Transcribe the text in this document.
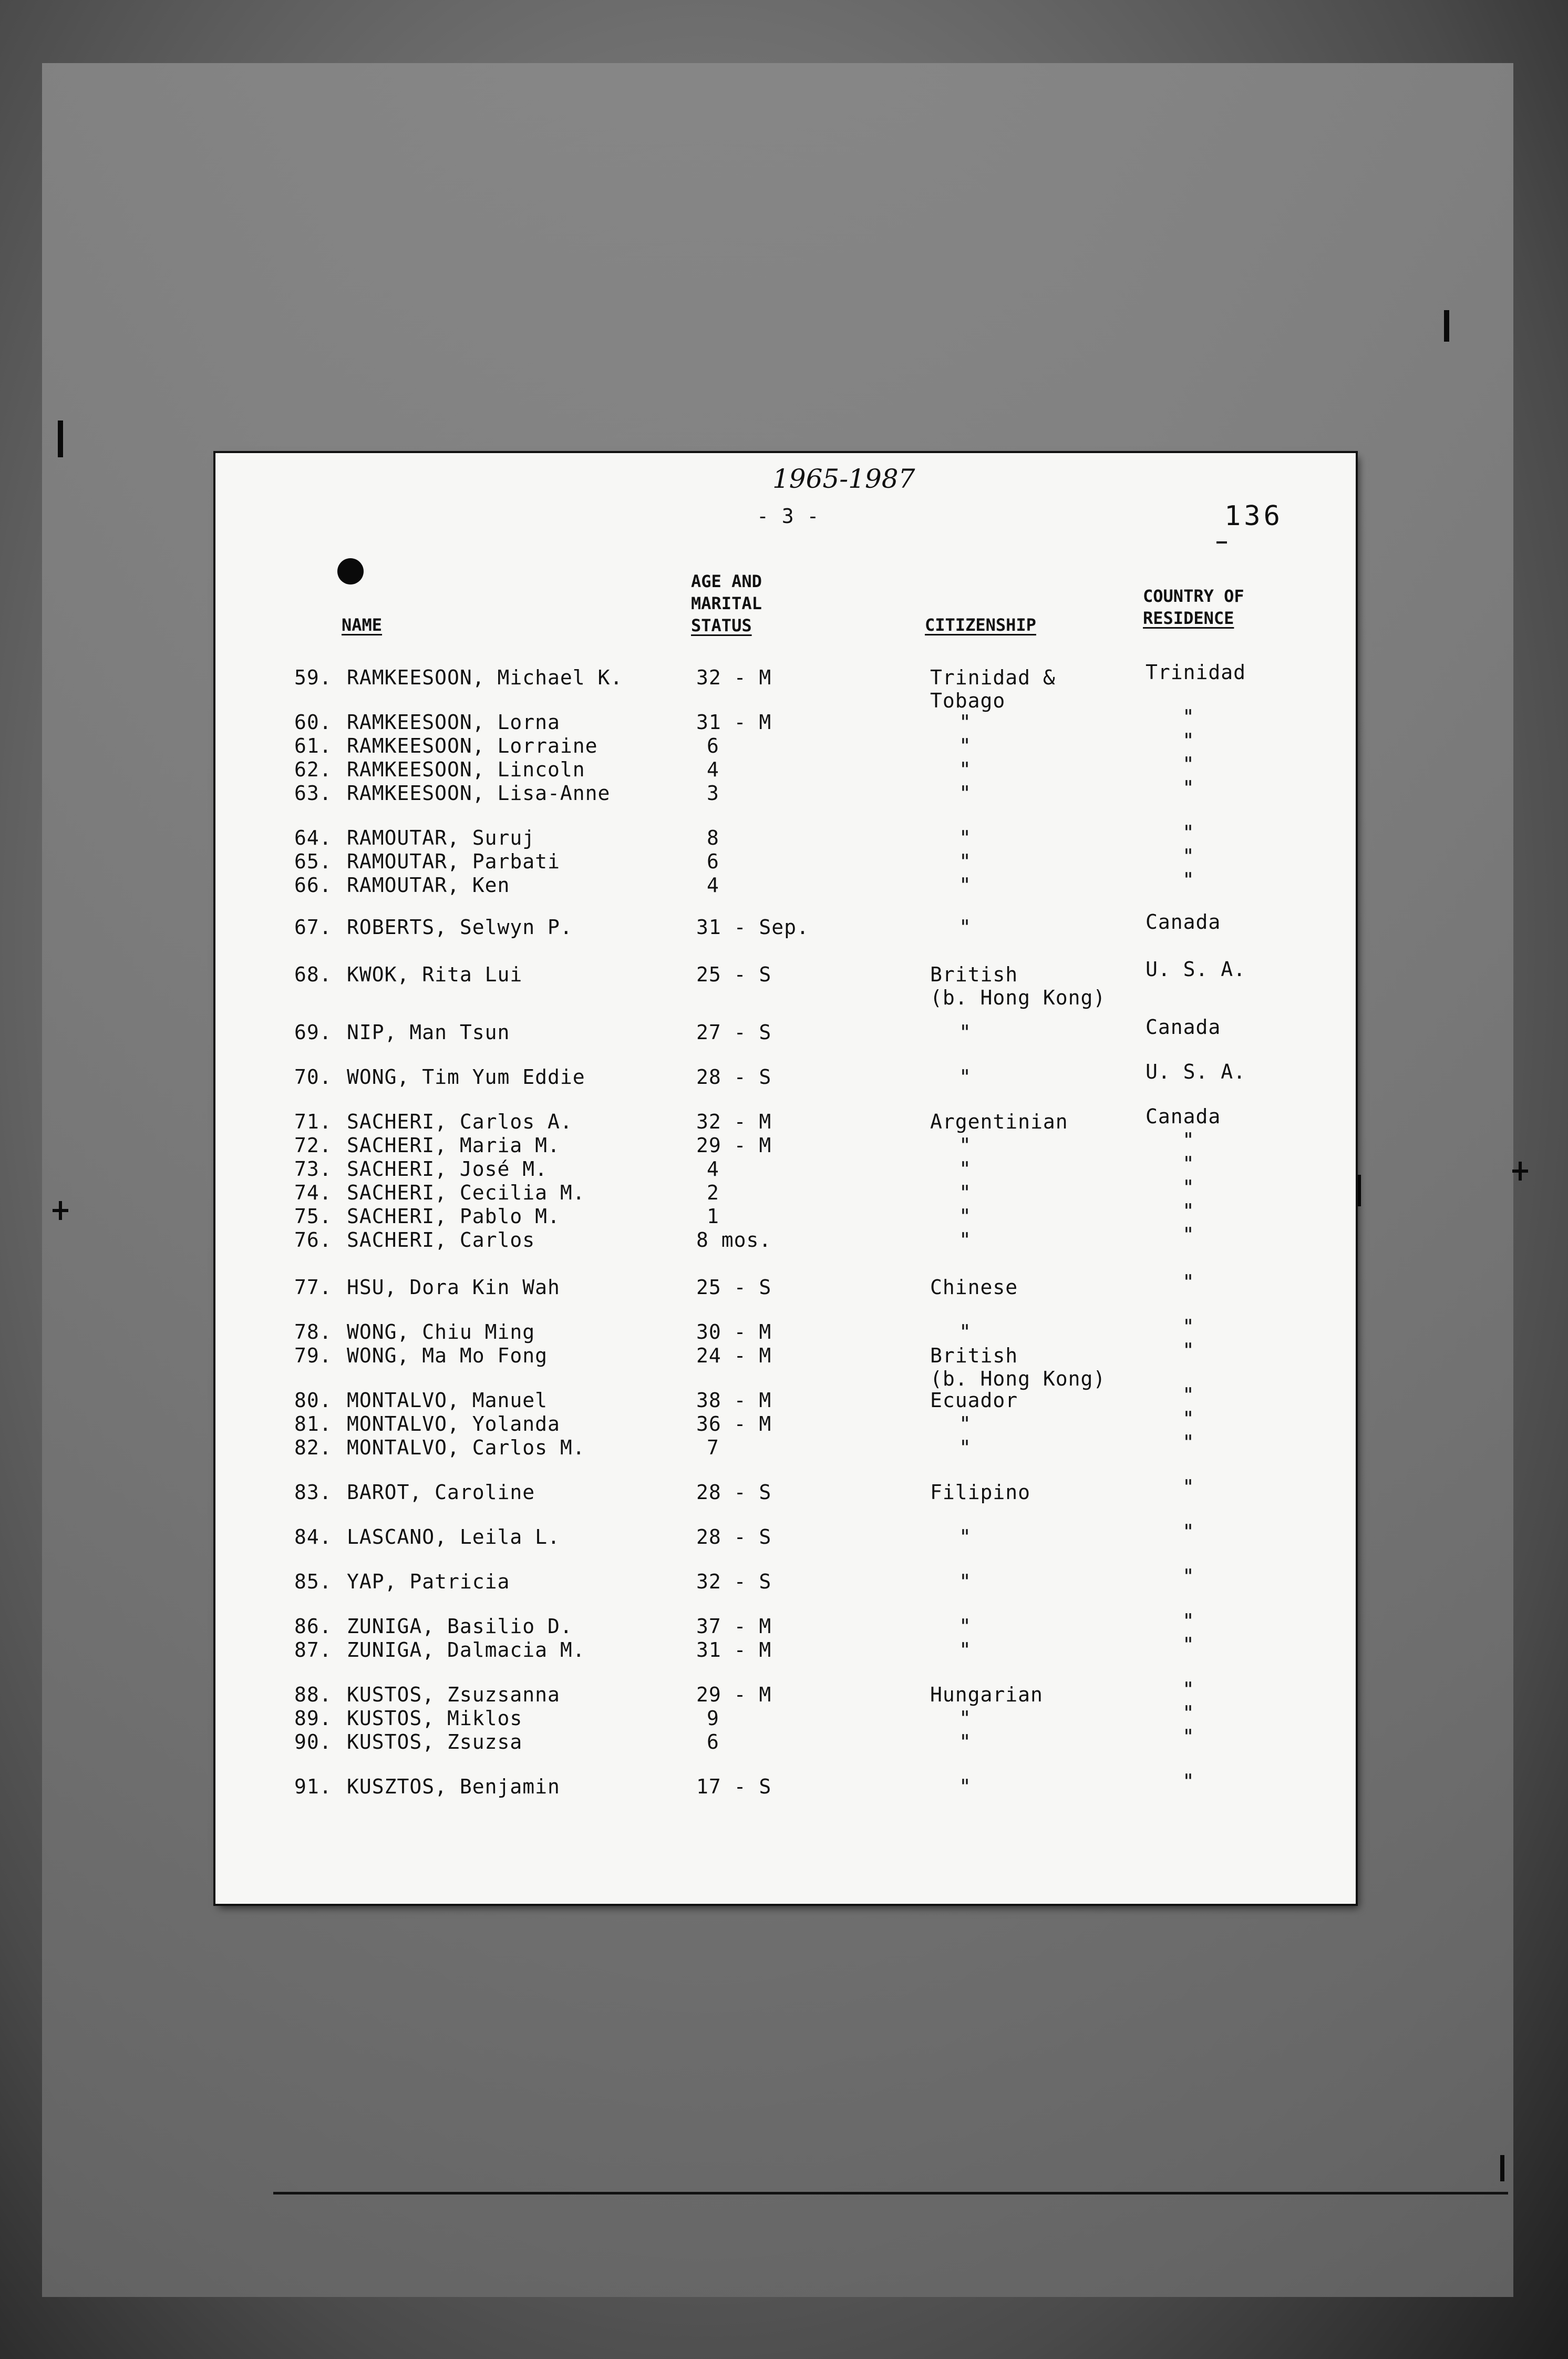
1965-1987
- 3 -	136
NAME
AGE AND
MARITAL
STATUS	CITIZENSHIP
COUNTRY OF
RESIDENCE
59. RAMKEESOON, Michael K.	32 - M	Trinidad &
Tobago
Trinidad
60. RAMKEESOON, Lorna	31 - M	"	"
61. RAMKEESOON, Lorraine	6	"	"
62. RAMKEESOON, Lincoln	4	"	"
63. RAMKEESOON, Lisa-Anne	3	"	"
64. RAMOUTAR, Suruj	8	"	"
65. RAMOUTAR, Parbati	6	"	"
66. RAMOUTAR, Ken	4	"	"
67. ROBERTS, Selwyn P.	31 - Sep.	"	Canada
68. KWOK, Rita Lui	25 - S	British
(b. Hong Kong)
U. S. A.
69. NIP, Man Tsun	27 - S	"	Canada
70. WONG, Tim Yum Eddie	28 - S	"	U. S. A.
71. SACHERI, Carlos A.	32 - M	Argentinian	Canada
72. SACHERI, Maria M.	29 - M	"	"
73. SACHERI, José M.	4	"	"
74. SACHERI, Cecilia M.	2	"	"
75. SACHERI, Pablo M.	1	"	"
76. SACHERI, Carlos	8 mos.	"	"
77. HSU, Dora Kin Wah	25 - S	Chinese	"
78. WONG, Chiu Ming	30 - M	"	"
79. WONG, Ma Mo Fong	24 - M	British
(b. Hong Kong)
"
80. MONTALVO, Manuel	38 - M	Ecuador	"
81. MONTALVO, Yolanda	36 - M	"	"
82. MONTALVO, Carlos M.	7	"	"
83. BAROT, Caroline	28 - S	Filipino	"
84. LASCANO, Leila L.	28 - S	"	"
85. YAP, Patricia	32 - S	"	"
86. ZUNIGA, Basilio D.	37 - M	"	"
87. ZUNIGA, Dalmacia M.	31 - M	"	"
88. KUSTOS, Zsuzsanna	29 - M	Hungarian	"
89. KUSTOS, Miklos	9	"	"
90. KUSTOS, Zsuzsa	6	"	"
91. KUSZTOS, Benjamin	17 - S	"	"
